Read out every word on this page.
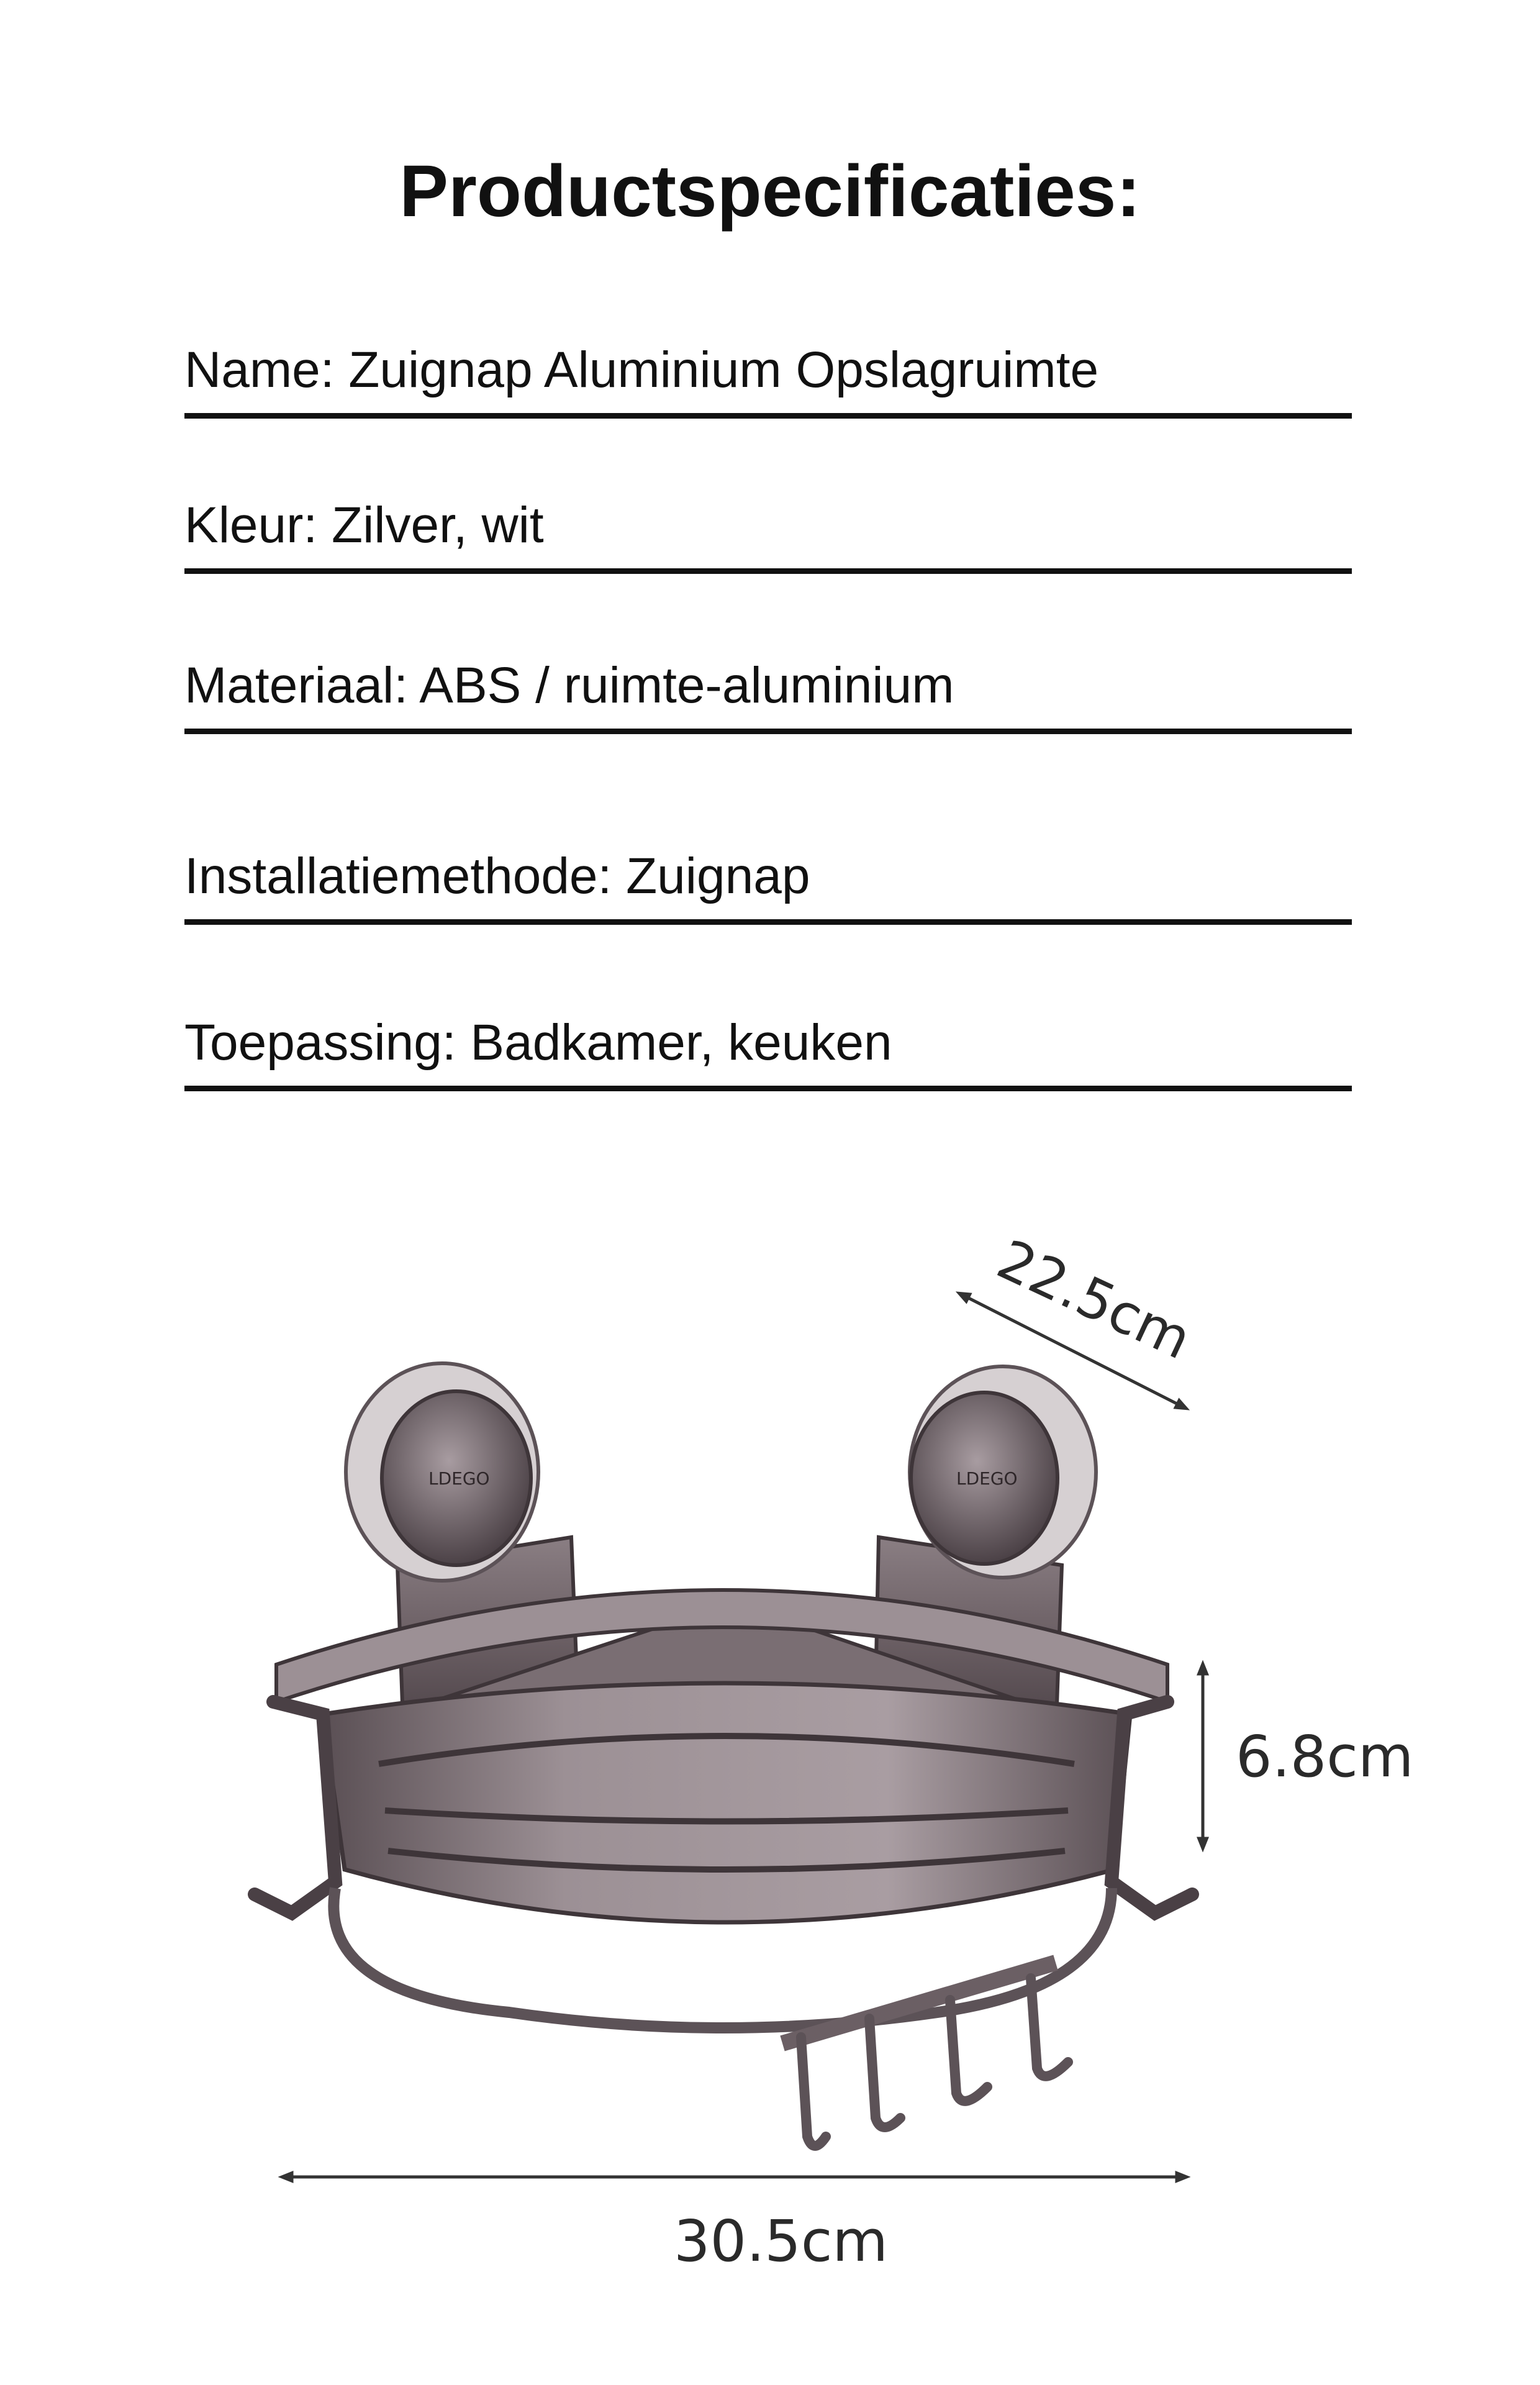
Productspecificaties:
Name: Zuignap Aluminium Opslagruimte
Kleur: Zilver, wit
Materiaal: ABS / ruimte-aluminium
Installatiemethode: Zuignap
Toepassing: Badkamer, keuken
22.5cm
6.8cm
30.5cm
LDEGO	LDEGO
